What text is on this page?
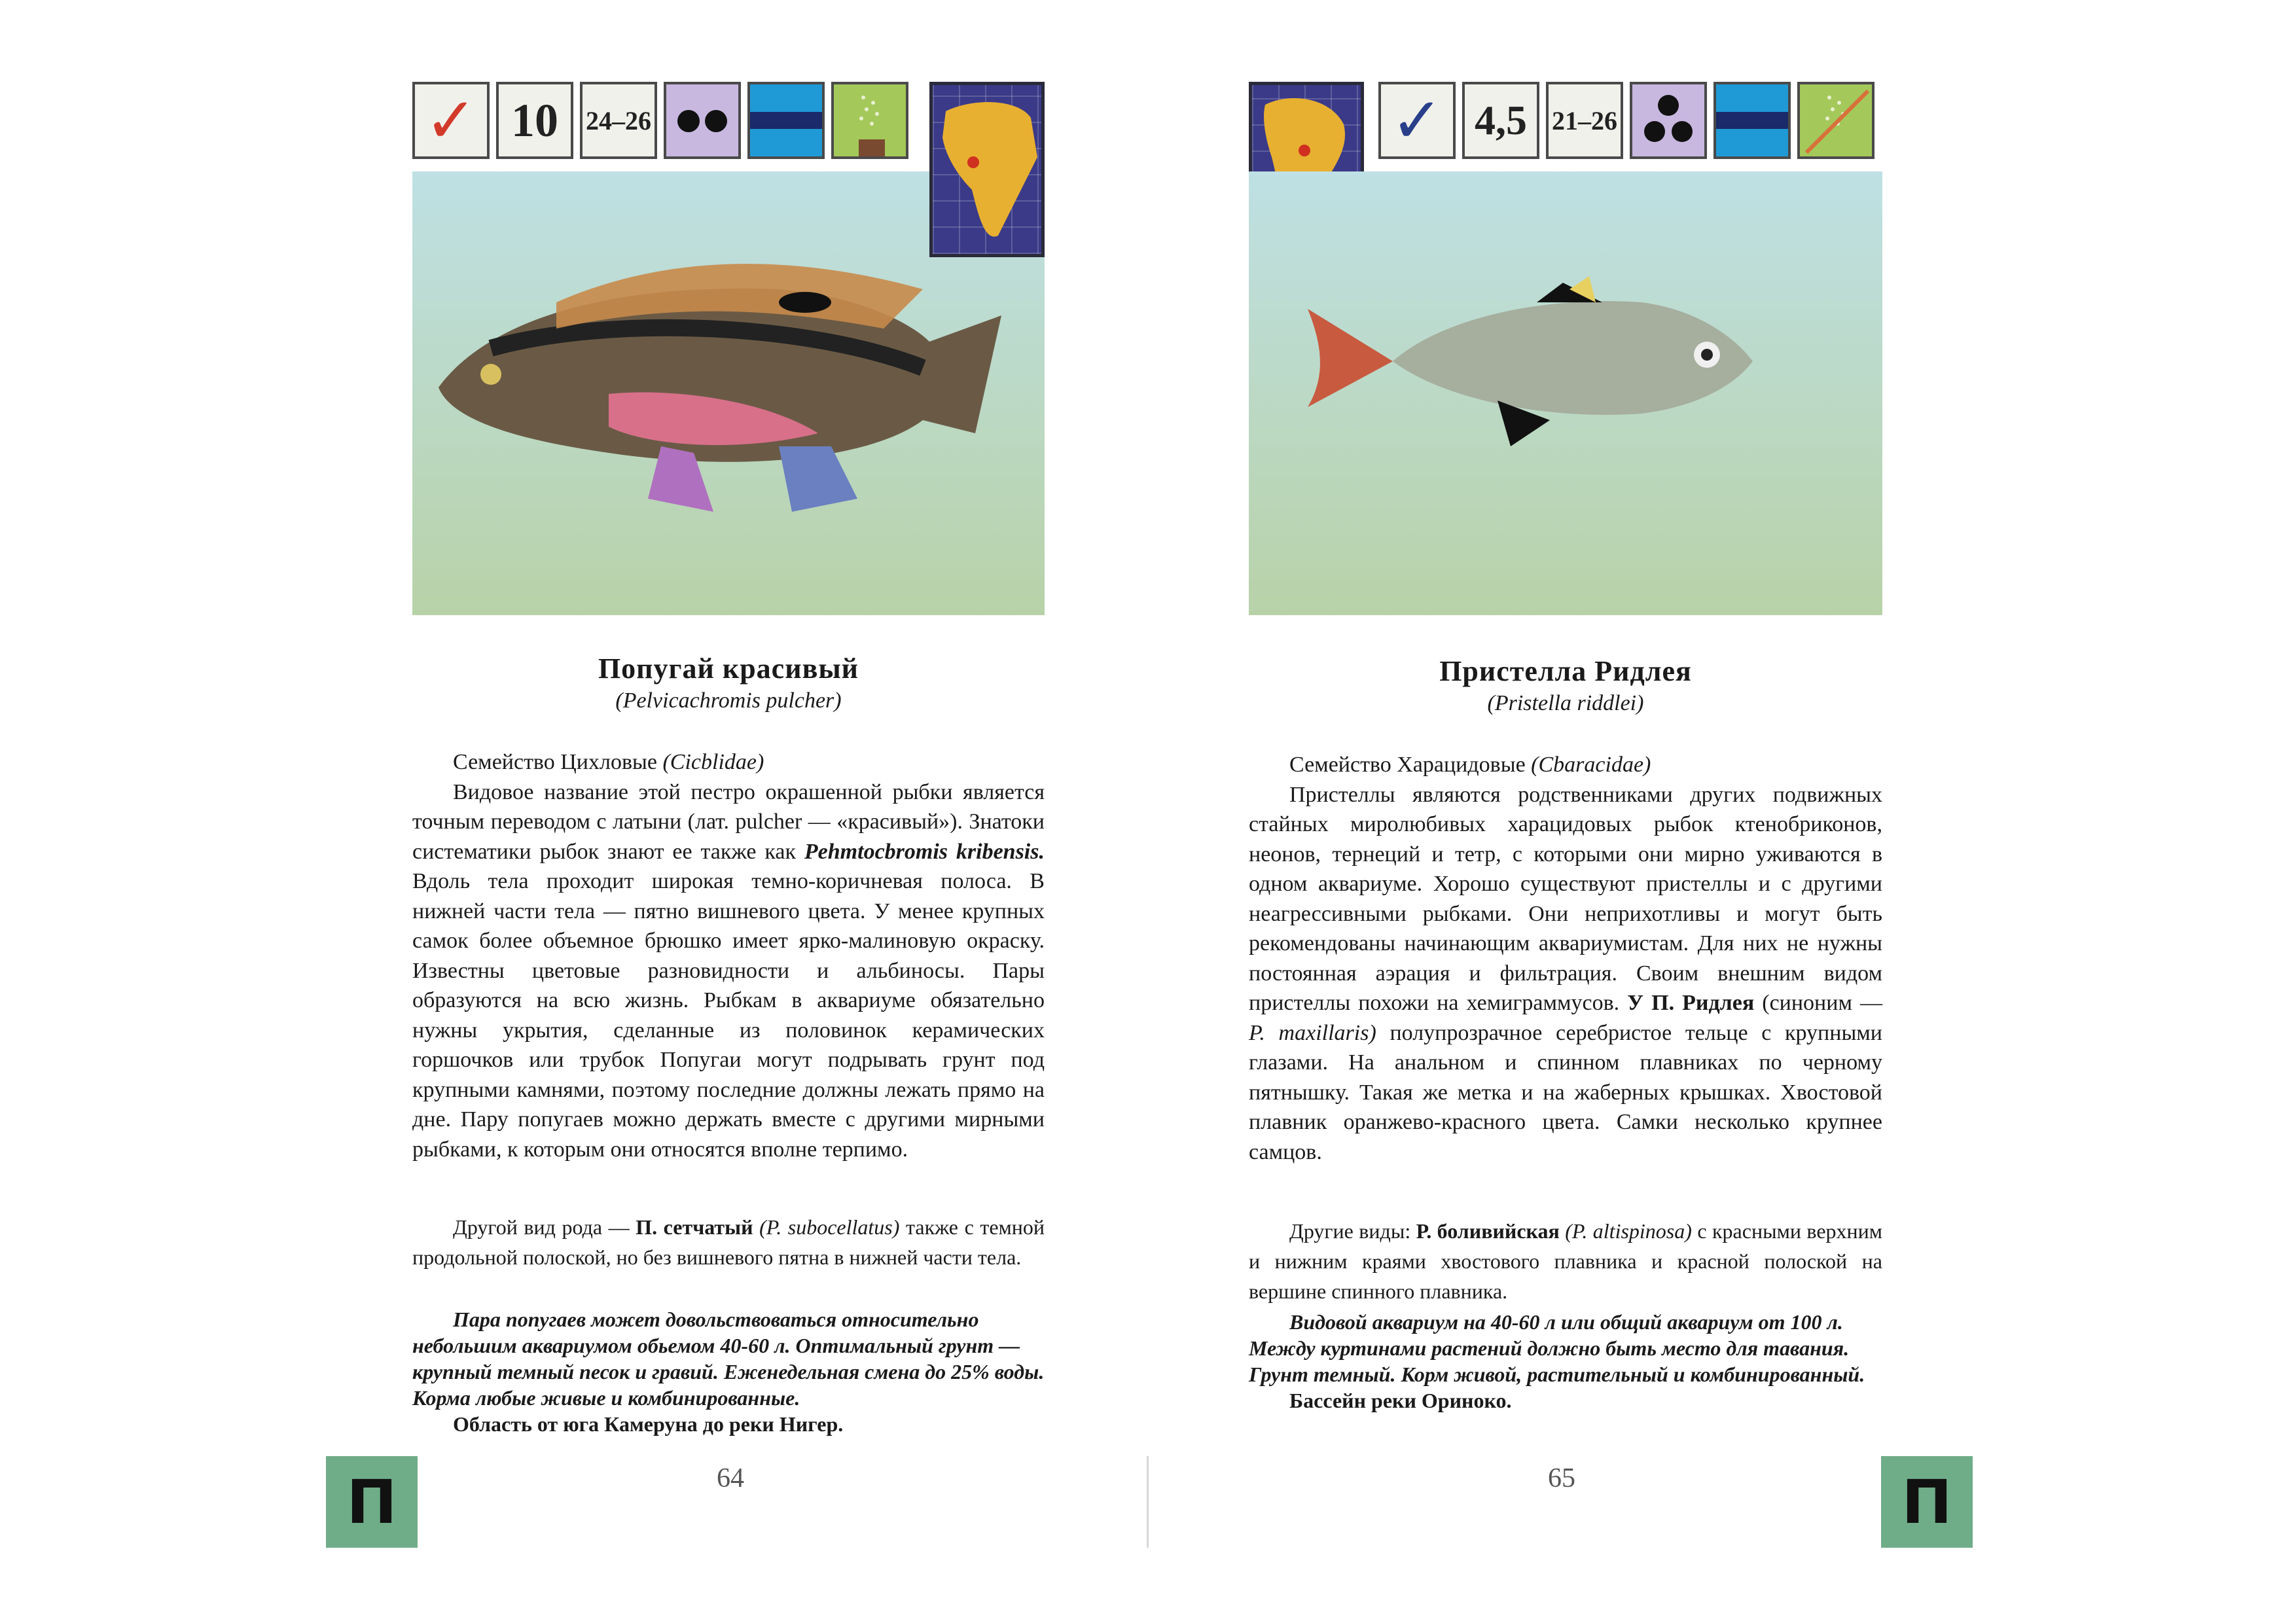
✓ 10 24–26
Попугай красивый
(Pelvicachromis pulcher)

Семейство Цихловые (Cicblidae)

Видовое название этой пестро окрашенной рыбки является точным переводом с латыни (лат. pulcher — «красивый»). Знатоки систематики рыбок знают ее также как Pehmtocbromis kribensis. Вдоль тела проходит широкая темно-коричневая полоса. В нижней части тела — пятно вишневого цвета. У менее крупных самок более объемное брюшко имеет ярко-малиновую окраску. Известны цветовые разновидности и альбиносы. Пары образуются на всю жизнь. Рыбкам в аквариуме обязательно нужны укрытия, сделанные из половинок керамических горшочков или трубок Попугаи могут подрывать грунт под крупными камнями, поэтому последние должны лежать прямо на дне. Пару попугаев можно держать вместе с другими мирными рыбками, к которым они относятся вполне терпимо.

Другой вид рода — П. сетчатый (P. subocellatus) также с темной продольной полоской, но без вишневого пятна в нижней части тела.

Пара попугаев может довольствоваться относительно небольшим аквариумом обьемом 40-60 л. Оптимальный грунт — крупный темный песок и гравий. Еженедельная смена до 25% воды. Корма любые живые и комбинированные.

Область от юга Камеруна до реки Нигер.

П	64
✓ 4,5 21–26
Пристелла Ридлея
(Pristella riddlei)

Семейство Харацидовые (Cbaracidae)

Пристеллы являются родственниками других подвижных стайных миролюбивых харацидовых рыбок ктенобриконов, неонов, тернеций и тетр, с которыми они мирно уживаются в одном аквариуме. Хорошо существуют пристеллы и с другими неагрессивными рыбками. Они неприхотливы и могут быть рекомендованы начинающим аквариумистам. Для них не нужны постоянная аэрация и фильтрация. Своим внешним видом пристеллы похожи на хемиграммусов. У П. Ридлея (синоним — P. maxillaris) полупрозрачное серебристое тельце с крупными глазами. На анальном и спинном плавниках по черному пятнышку. Такая же метка и на жаберных крышках. Хвостовой плавник оранжево-красного цвета. Самки несколько крупнее самцов.

Другие виды: Р. боливийская (P. altispinosa) с красными верхним и нижним краями хвостового плавника и красной полоской на вершине спинного плавника.

Видовой аквариум на 40-60 л или общий аквариум от 100 л. Между куртинами растений должно быть место для тавания. Грунт темный. Корм живой, растительный и комбинированный.

Бассейн реки Ориноко.

65	П
